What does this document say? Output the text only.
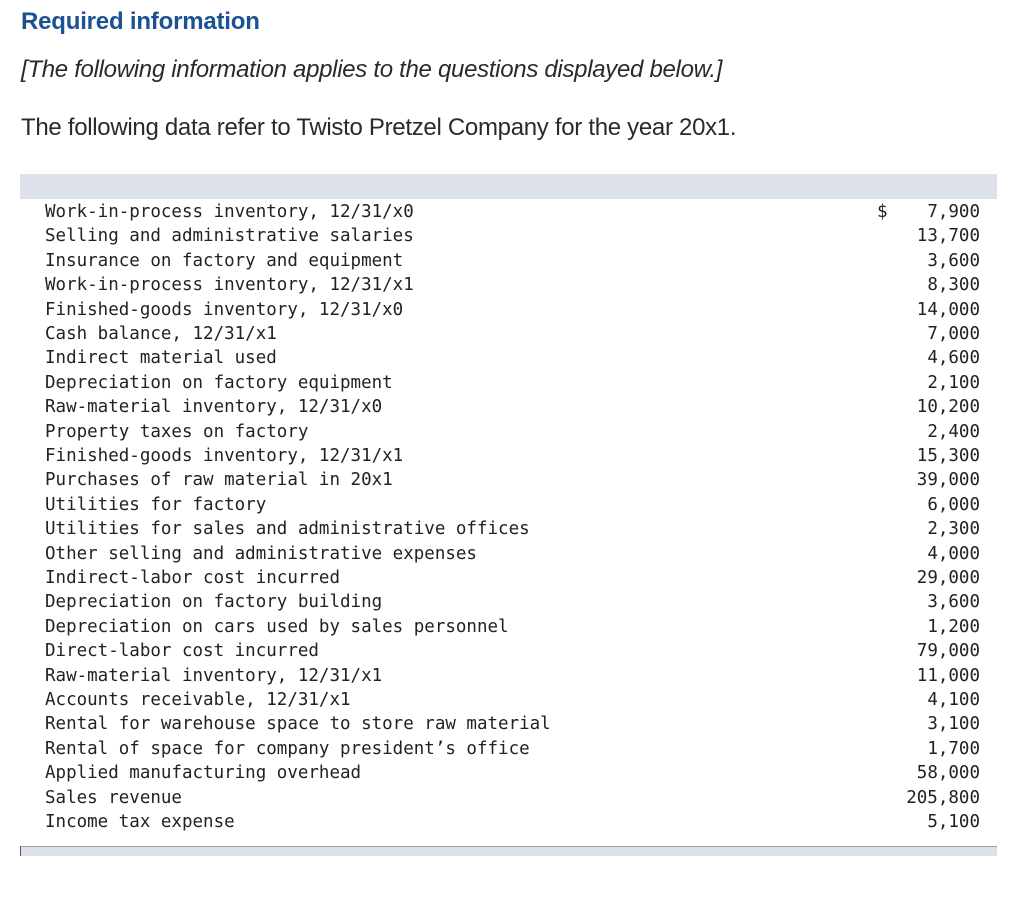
Required information
[The following information applies to the questions displayed below.]
The following data refer to Twisto Pretzel Company for the year 20x1.
Work-in-process inventory, 12/31/x0	$ 7,900
Selling and administrative salaries	13,700
Insurance on factory and equipment	3,600
Work-in-process inventory, 12/31/x1	8,300
Finished-goods inventory, 12/31/x0	14,000
Cash balance, 12/31/x1	7,000
Indirect material used	4,600
Depreciation on factory equipment	2,100
Raw-material inventory, 12/31/x0	10,200
Property taxes on factory	2,400
Finished-goods inventory, 12/31/x1	15,300
Purchases of raw material in 20x1	39,000
Utilities for factory	6,000
Utilities for sales and administrative offices	2,300
Other selling and administrative expenses	4,000
Indirect-labor cost incurred	29,000
Depreciation on factory building	3,600
Depreciation on cars used by sales personnel	1,200
Direct-labor cost incurred	79,000
Raw-material inventory, 12/31/x1	11,000
Accounts receivable, 12/31/x1	4,100
Rental for warehouse space to store raw material	3,100
Rental of space for company president’s office	1,700
Applied manufacturing overhead	58,000
Sales revenue	205,800
Income tax expense	5,100
